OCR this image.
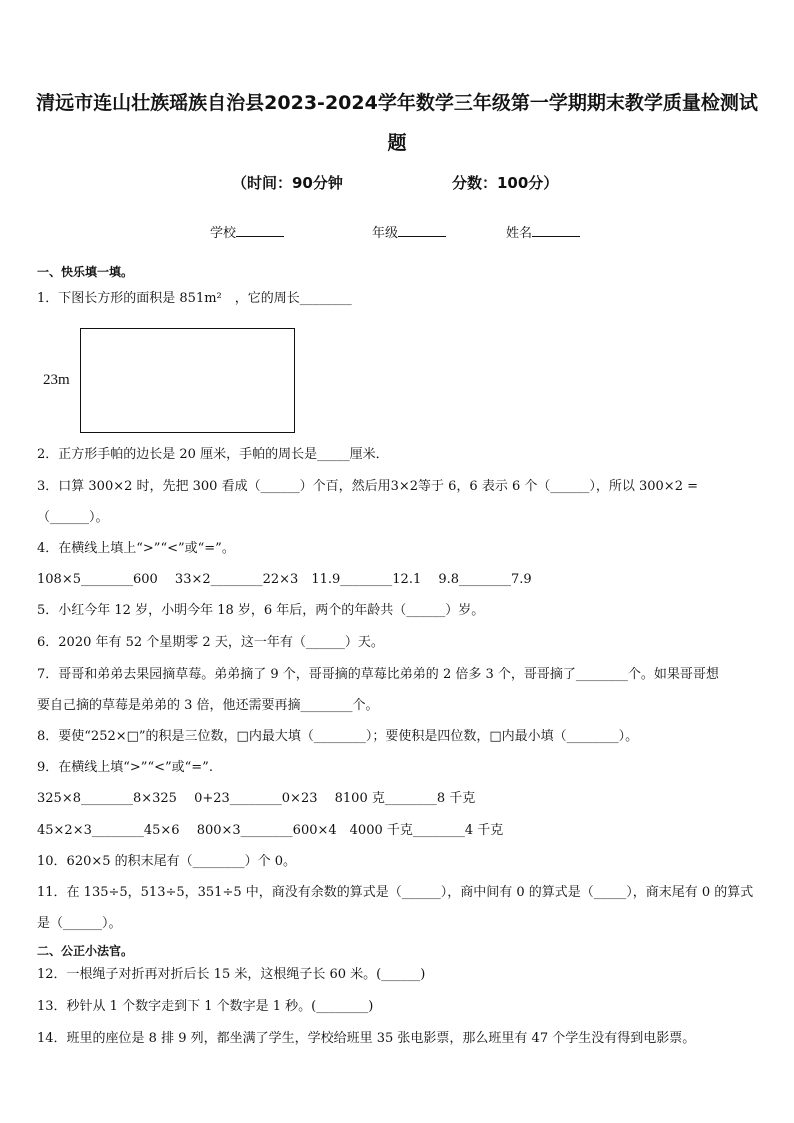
清远市连山壮族瑶族自治县2023-2024学年数学三年级第一学期期末教学质量检测试
题
（时间：90分钟	分数：100分）
学校	年级	姓名
一、快乐填一填。
1．下图长方形的面积是 851m²　，它的周长________
23m
2．正方形手帕的边长是 20 厘米，手帕的周长是_____厘米．
3．口算 300×2 时，先把 300 看成（______）个百，然后用3×2等于 6，6 表示 6 个（______），所以 300×2 =
（______）。
4．在横线上填上“>”“<”或“=”。
108×5________600　 33×2________22×3　11.9________12.1　 9.8________7.9
5．小红今年 12 岁，小明今年 18 岁，6 年后，两个的年龄共（______）岁。
6．2020 年有 52 个星期零 2 天，这一年有（______）天。
7．哥哥和弟弟去果园摘草莓。弟弟摘了 9 个，哥哥摘的草莓比弟弟的 2 倍多 3 个，哥哥摘了________个。如果哥哥想
要自己摘的草莓是弟弟的 3 倍，他还需要再摘________个。
8．要使“252×□”的积是三位数，□内最大填（________）；要使积是四位数，□内最小填（________）。
9．在横线上填“>”“<”或“=”.
325×8________8×325　 0+23________0×23　 8100 克________8 千克
45×2×3________45×6　 800×3________600×4　4000 千克________4 千克
10．620×5 的积末尾有（________）个 0。
11．在 135÷5，513÷5，351÷5 中，商没有余数的算式是（______），商中间有 0 的算式是（_____），商末尾有 0 的算式
是（______）。
二、公正小法官。
12．一根绳子对折再对折后长 15 米，这根绳子长 60 米。(______)
13．秒针从 1 个数字走到下 1 个数字是 1 秒。(________)
14．班里的座位是 8 排 9 列，都坐满了学生，学校给班里 35 张电影票，那么班里有 47 个学生没有得到电影票。
